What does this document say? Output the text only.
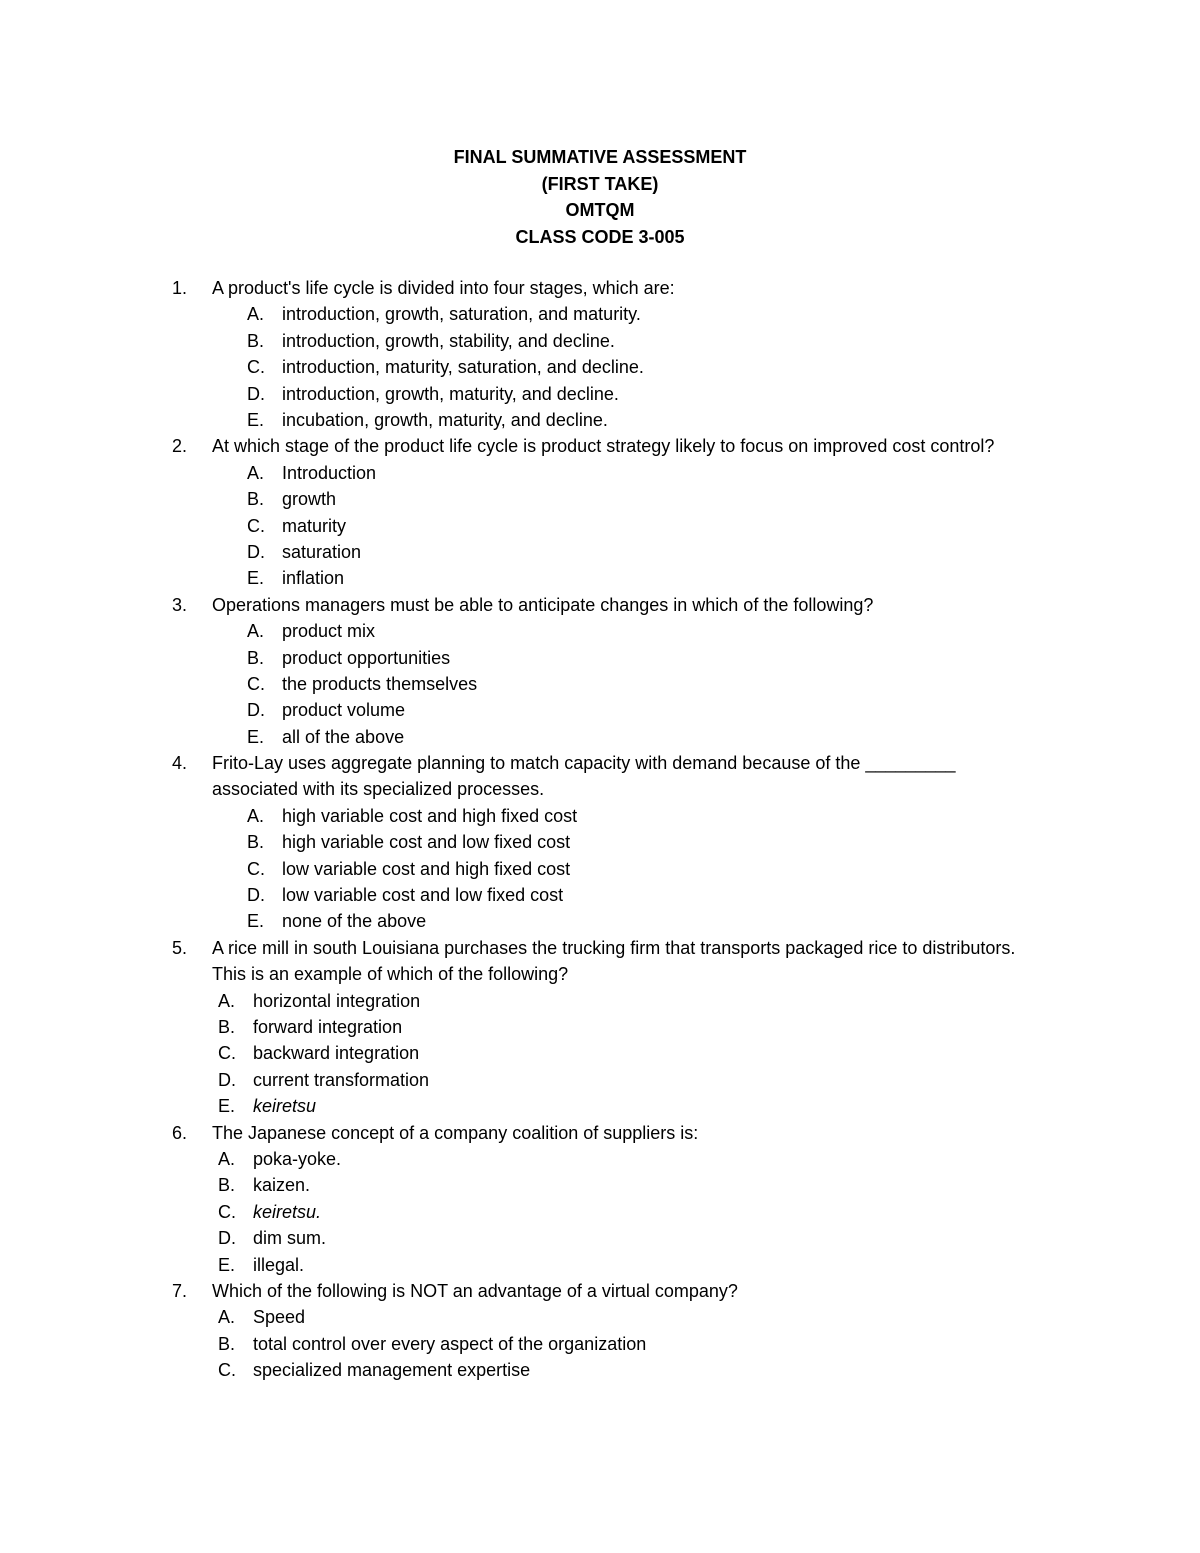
FINAL SUMMATIVE ASSESSMENT
(FIRST TAKE)
OMTQM
CLASS CODE 3-005
1. A product's life cycle is divided into four stages, which are:
A. introduction, growth, saturation, and maturity.
B. introduction, growth, stability, and decline.
C. introduction, maturity, saturation, and decline.
D. introduction, growth, maturity, and decline.
E. incubation, growth, maturity, and decline.
2. At which stage of the product life cycle is product strategy likely to focus on improved cost control?
A. Introduction
B. growth
C. maturity
D. saturation
E. inflation
3. Operations managers must be able to anticipate changes in which of the following?
A. product mix
B. product opportunities
C. the products themselves
D. product volume
E. all of the above
4. Frito-Lay uses aggregate planning to match capacity with demand because of the _________ associated with its specialized processes.
A. high variable cost and high fixed cost
B. high variable cost and low fixed cost
C. low variable cost and high fixed cost
D. low variable cost and low fixed cost
E. none of the above
5. A rice mill in south Louisiana purchases the trucking firm that transports packaged rice to distributors. This is an example of which of the following?
A. horizontal integration
B. forward integration
C. backward integration
D. current transformation
E. keiretsu
6. The Japanese concept of a company coalition of suppliers is:
A. poka-yoke.
B. kaizen.
C. keiretsu.
D. dim sum.
E. illegal.
7. Which of the following is NOT an advantage of a virtual company?
A. Speed
B. total control over every aspect of the organization
C. specialized management expertise
